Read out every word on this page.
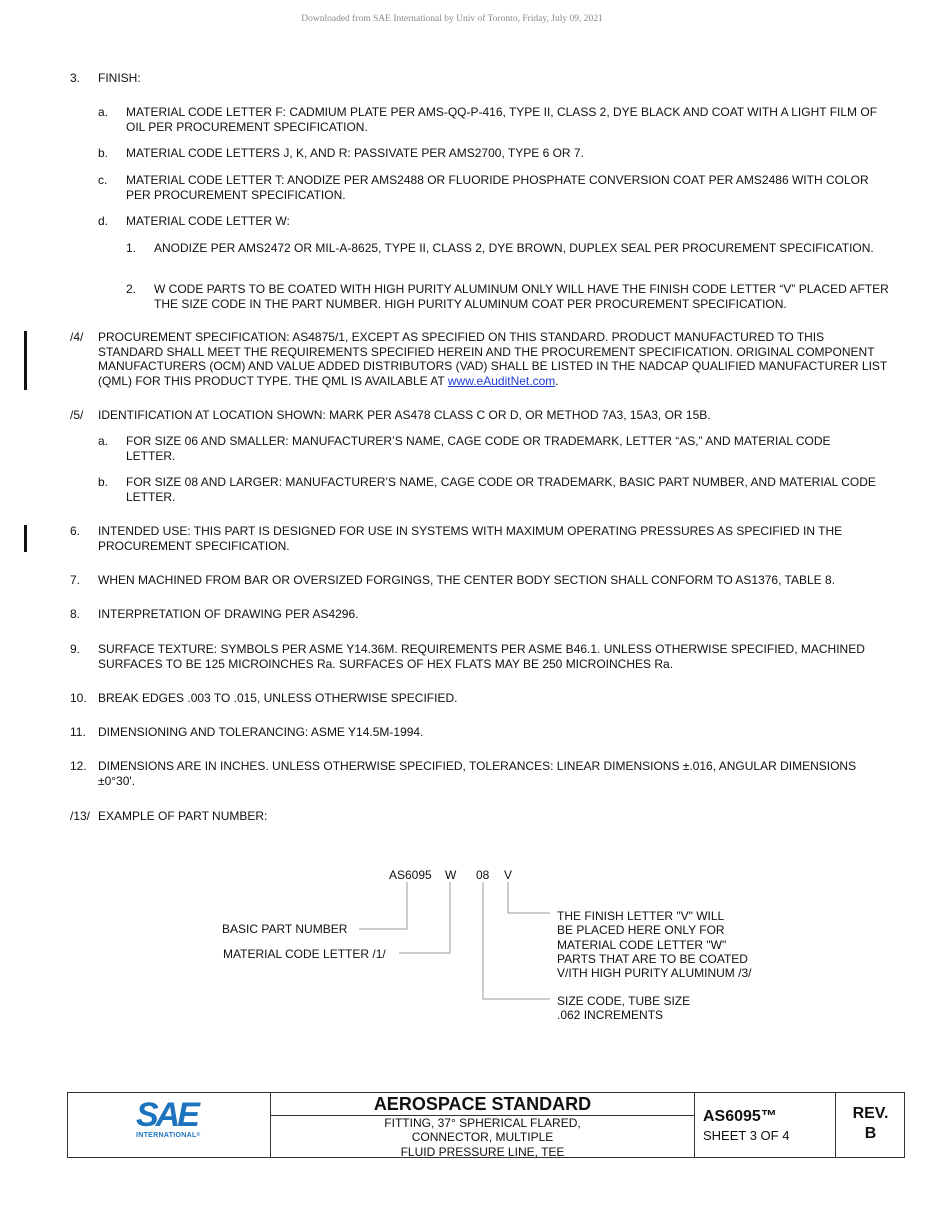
Downloaded from SAE International by Univ of Toronto, Friday, July 09, 2021
3. FINISH:
a. MATERIAL CODE LETTER F: CADMIUM PLATE PER AMS-QQ-P-416, TYPE II, CLASS 2, DYE BLACK AND COAT WITH A LIGHT FILM OF OIL PER PROCUREMENT SPECIFICATION.
b. MATERIAL CODE LETTERS J, K, AND R: PASSIVATE PER AMS2700, TYPE 6 OR 7.
c. MATERIAL CODE LETTER T: ANODIZE PER AMS2488 OR FLUORIDE PHOSPHATE CONVERSION COAT PER AMS2486 WITH COLOR PER PROCUREMENT SPECIFICATION.
d. MATERIAL CODE LETTER W:
1. ANODIZE PER AMS2472 OR MIL-A-8625, TYPE II, CLASS 2, DYE BROWN, DUPLEX SEAL PER PROCUREMENT SPECIFICATION.
2. W CODE PARTS TO BE COATED WITH HIGH PURITY ALUMINUM ONLY WILL HAVE THE FINISH CODE LETTER “V” PLACED AFTER THE SIZE CODE IN THE PART NUMBER. HIGH PURITY ALUMINUM COAT PER PROCUREMENT SPECIFICATION.
/4/ PROCUREMENT SPECIFICATION: AS4875/1, EXCEPT AS SPECIFIED ON THIS STANDARD. PRODUCT MANUFACTURED TO THIS STANDARD SHALL MEET THE REQUIREMENTS SPECIFIED HEREIN AND THE PROCUREMENT SPECIFICATION. ORIGINAL COMPONENT MANUFACTURERS (OCM) AND VALUE ADDED DISTRIBUTORS (VAD) SHALL BE LISTED IN THE NADCAP QUALIFIED MANUFACTURER LIST (QML) FOR THIS PRODUCT TYPE. THE QML IS AVAILABLE AT www.eAuditNet.com.
/5/ IDENTIFICATION AT LOCATION SHOWN: MARK PER AS478 CLASS C OR D, OR METHOD 7A3, 15A3, OR 15B.
a. FOR SIZE 06 AND SMALLER: MANUFACTURER’S NAME, CAGE CODE OR TRADEMARK, LETTER “AS,” AND MATERIAL CODE LETTER.
b. FOR SIZE 08 AND LARGER: MANUFACTURER’S NAME, CAGE CODE OR TRADEMARK, BASIC PART NUMBER, AND MATERIAL CODE LETTER.
6. INTENDED USE: THIS PART IS DESIGNED FOR USE IN SYSTEMS WITH MAXIMUM OPERATING PRESSURES AS SPECIFIED IN THE PROCUREMENT SPECIFICATION.
7. WHEN MACHINED FROM BAR OR OVERSIZED FORGINGS, THE CENTER BODY SECTION SHALL CONFORM TO AS1376, TABLE 8.
8. INTERPRETATION OF DRAWING PER AS4296.
9. SURFACE TEXTURE: SYMBOLS PER ASME Y14.36M. REQUIREMENTS PER ASME B46.1. UNLESS OTHERWISE SPECIFIED, MACHINED SURFACES TO BE 125 MICROINCHES Ra. SURFACES OF HEX FLATS MAY BE 250 MICROINCHES Ra.
10. BREAK EDGES .003 TO .015, UNLESS OTHERWISE SPECIFIED.
11. DIMENSIONING AND TOLERANCING: ASME Y14.5M-1994.
12. DIMENSIONS ARE IN INCHES. UNLESS OTHERWISE SPECIFIED, TOLERANCES: LINEAR DIMENSIONS ±.016, ANGULAR DIMENSIONS ±0°30'.
/13/ EXAMPLE OF PART NUMBER:
AS6095 W 08 V
BASIC PART NUMBER
MATERIAL CODE LETTER /1/
THE FINISH LETTER "V" WILL
BE PLACED HERE ONLY FOR
MATERIAL CODE LETTER "W"
PARTS THAT ARE TO BE COATED
V/ITH HIGH PURITY ALUMINUM /3/
SIZE CODE, TUBE SIZE
.062 INCREMENTS
SAE
INTERNATIONAL®
AEROSPACE STANDARD
FITTING, 37° SPHERICAL FLARED,
CONNECTOR, MULTIPLE
FLUID PRESSURE LINE, TEE
AS6095™
SHEET 3 OF 4
REV.
B
